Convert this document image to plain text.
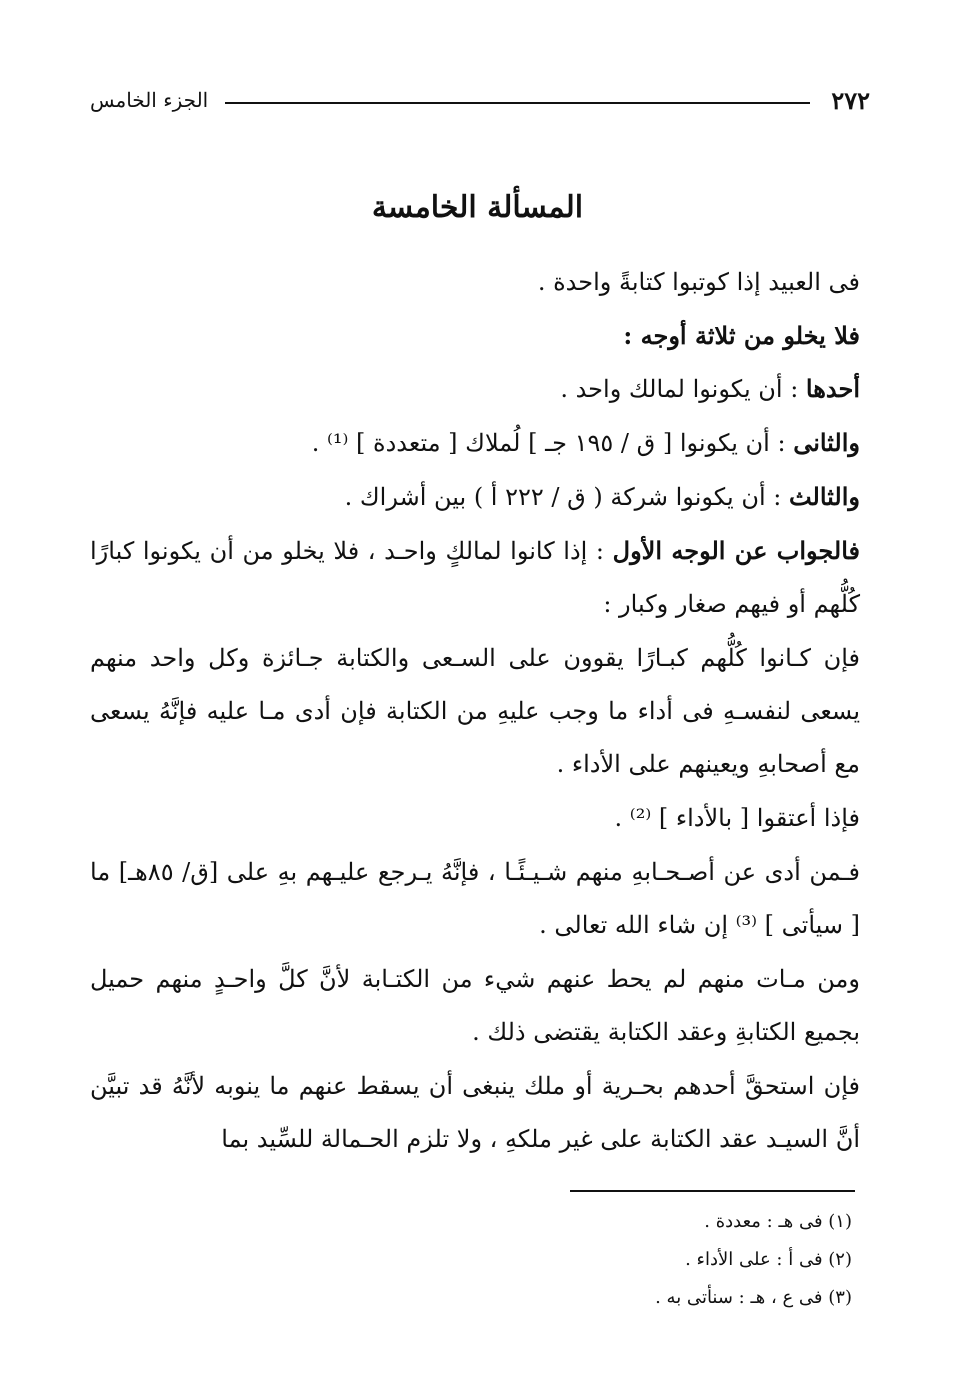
٢٧٢
الجزء الخامس
المسألة الخامسة

فى العبيد إذا كوتبوا كتابةً واحدة .

فلا يخلو من ثلاثة أوجه :

أحدها : أن يكونوا لمالك واحد .

والثانى : أن يكونوا [ ق / ١٩٥ جـ ] لُملاك [ متعددة ] ⁽¹⁾ .

والثالث : أن يكونوا شركة ( ق / ٢٢٢ أ ) بين أشراك .

فالجواب عن الوجه الأول : إذا كانوا لمالكٍ واحـد ، فلا يخلو من أن يكونوا كبارًا كُلُّهم أو فيهم صغار وكبار :

فإن كـانوا كُلُّهم كبـارًا يقوون على السـعى والكتابة جـائزة وكل واحد منهم يسعى لنفسـهِ فى أداء ما وجب عليهِ من الكتابة فإن أدى مـا عليه فإنَّهُ يسعى مع أصحابهِ ويعينهم على الأداء .

فإذا أعتقوا [ بالأداء ] ⁽²⁾ .

فـمن أدى عن أصـحـابهِ منهم شـيـئًـا ، فإنَّهُ يـرجع عليـهم بهِ على [ق/ ٨٥هـ] ما [ سيأتى ] ⁽³⁾ إن شاء الله تعالى .

ومن مـات منهم لم يحط عنهم شيء من الكتـابة لأنَّ كلَّ واحـدٍ منهم حميل بجميع الكتابةِ وعقد الكتابة يقتضى ذلك .

فإن استحقَّ أحدهم بحـرية أو ملك ينبغى أن يسقط عنهم ما ينوبه لأنَّهُ قد تبيَّن أنَّ السيـد عقد الكتابة على غير ملكهِ ، ولا تلزم الحـمالة للسِّيد بما

(١) فى هـ : معددة .

(٢) فى أ : على الأداء .

(٣) فى ع ، هـ : سنأتى به .
